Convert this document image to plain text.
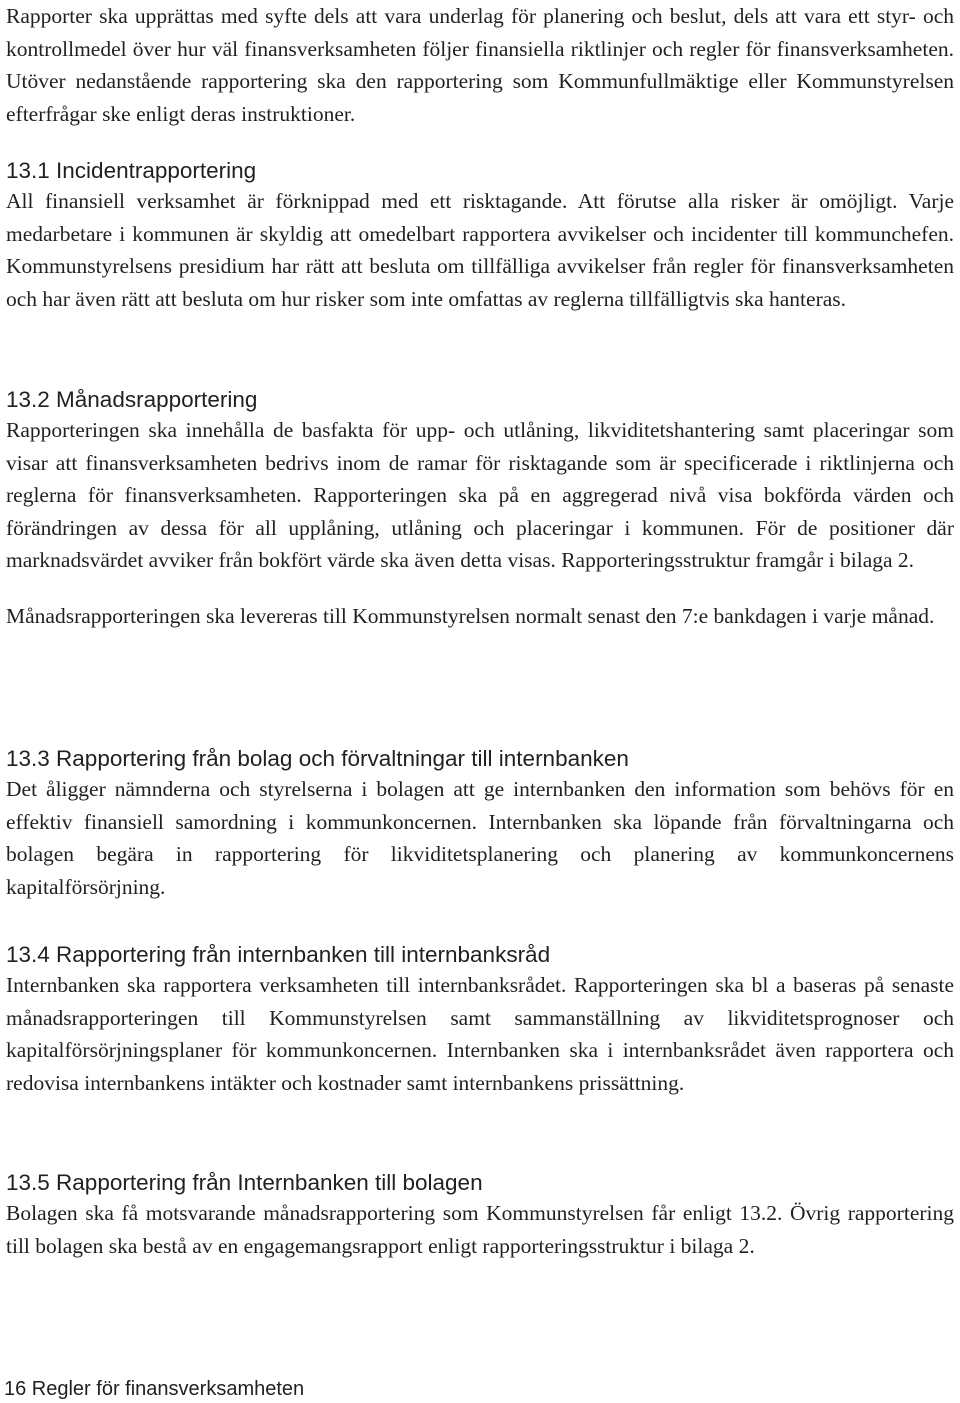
Rapporter ska upprättas med syfte dels att vara underlag för planering och beslut, dels att vara ett styr- och kontrollmedel över hur väl finansverksamheten följer finansiella riktlinjer och regler för finansverksamheten. Utöver nedanstående rapportering ska den rapportering som Kommunfullmäktige eller Kommunstyrelsen efterfrågar ske enligt deras instruktioner.

13.1 Incidentrapportering

All finansiell verksamhet är förknippad med ett risktagande. Att förutse alla risker är omöjligt. Varje medarbetare i kommunen är skyldig att omedelbart rapportera avvikelser och incidenter till kommunchefen. Kommunstyrelsens presidium har rätt att besluta om tillfälliga avvikelser från regler för finansverksamheten och har även rätt att besluta om hur risker som inte omfattas av reglerna tillfälligtvis ska hanteras.

13.2 Månadsrapportering

Rapporteringen ska innehålla de basfakta för upp- och utlåning, likviditetshantering samt placeringar som visar att finansverksamheten bedrivs inom de ramar för risktagande som är specificerade i riktlinjerna och reglerna för finansverksamheten. Rapporteringen ska på en aggregerad nivå visa bokförda värden och förändringen av dessa för all upplåning, utlåning och placeringar i kommunen. För de positioner där marknadsvärdet avviker från bokfört värde ska även detta visas. Rapporteringsstruktur framgår i bilaga 2.

Månadsrapporteringen ska levereras till Kommunstyrelsen normalt senast den 7:e bankdagen i varje månad.

13.3 Rapportering från bolag och förvaltningar till internbanken

Det åligger nämnderna och styrelserna i bolagen att ge internbanken den information som behövs för en effektiv finansiell samordning i kommunkoncernen. Internbanken ska löpande från förvaltningarna och bolagen begära in rapportering för likviditetsplanering och planering av kommunkoncernens kapitalförsörjning.

13.4 Rapportering från internbanken till internbanksråd

Internbanken ska rapportera verksamheten till internbanksrådet. Rapporteringen ska bl a baseras på senaste månadsrapporteringen till Kommunstyrelsen samt sammanställning av likviditetsprognoser och kapitalförsörjningsplaner för kommunkoncernen. Internbanken ska i internbanksrådet även rapportera och redovisa internbankens intäkter och kostnader samt internbankens prissättning.

13.5 Rapportering från Internbanken till bolagen

Bolagen ska få motsvarande månadsrapportering som Kommunstyrelsen får enligt 13.2. Övrig rapportering till bolagen ska bestå av en engagemangsrapport enligt rapporteringsstruktur i bilaga 2.

16 Regler för finansverksamheten
